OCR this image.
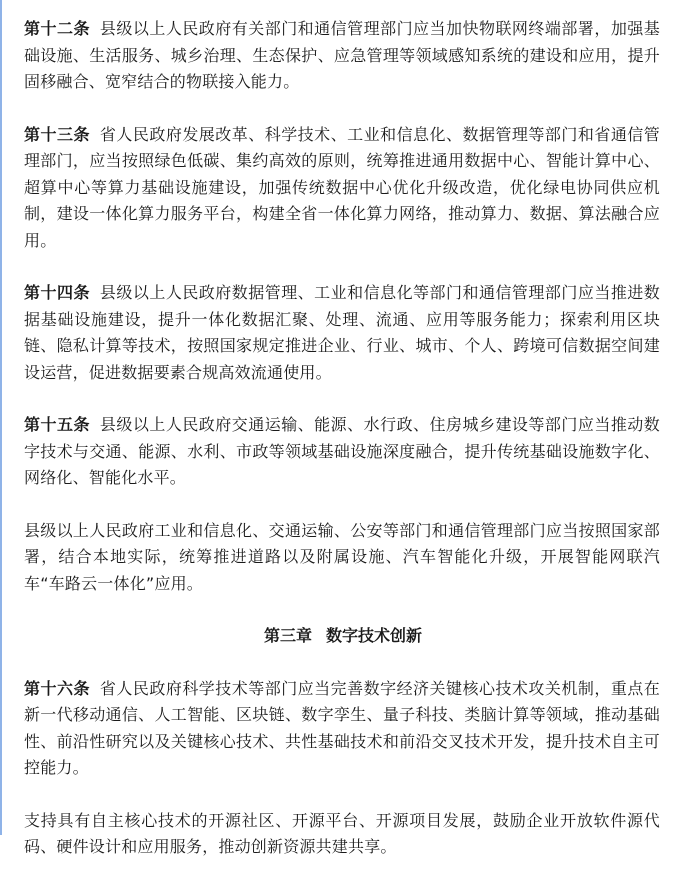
第十二条 县级以上人民政府有关部门和通信管理部门应当加快物联网终端部署，加强基础设施、生活服务、城乡治理、生态保护、应急管理等领域感知系统的建设和应用，提升固移融合、宽窄结合的物联接入能力。

第十三条 省人民政府发展改革、科学技术、工业和信息化、数据管理等部门和省通信管理部门，应当按照绿色低碳、集约高效的原则，统筹推进通用数据中心、智能计算中心、超算中心等算力基础设施建设，加强传统数据中心优化升级改造，优化绿电协同供应机制，建设一体化算力服务平台，构建全省一体化算力网络，推动算力、数据、算法融合应用。

第十四条 县级以上人民政府数据管理、工业和信息化等部门和通信管理部门应当推进数据基础设施建设，提升一体化数据汇聚、处理、流通、应用等服务能力；探索利用区块链、隐私计算等技术，按照国家规定推进企业、行业、城市、个人、跨境可信数据空间建设运营，促进数据要素合规高效流通使用。

第十五条 县级以上人民政府交通运输、能源、水行政、住房城乡建设等部门应当推动数字技术与交通、能源、水利、市政等领域基础设施深度融合，提升传统基础设施数字化、网络化、智能化水平。

县级以上人民政府工业和信息化、交通运输、公安等部门和通信管理部门应当按照国家部署，结合本地实际，统筹推进道路以及附属设施、汽车智能化升级，开展智能网联汽车“车路云一体化”应用。

第三章 数字技术创新

第十六条 省人民政府科学技术等部门应当完善数字经济关键核心技术攻关机制，重点在新一代移动通信、人工智能、区块链、数字孪生、量子科技、类脑计算等领域，推动基础性、前沿性研究以及关键核心技术、共性基础技术和前沿交叉技术开发，提升技术自主可控能力。

支持具有自主核心技术的开源社区、开源平台、开源项目发展，鼓励企业开放软件源代码、硬件设计和应用服务，推动创新资源共建共享。
